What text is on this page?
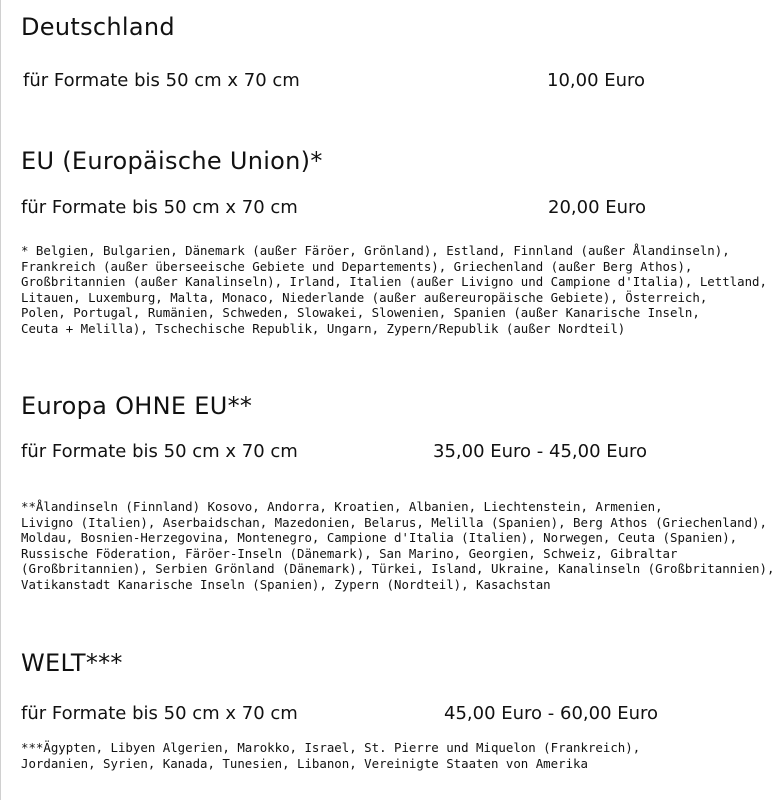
Deutschland
für Formate bis 50 cm x 70 cm	10,00 Euro
EU (Europäische Union)*
für Formate bis 50 cm x 70 cm	20,00 Euro
* Belgien, Bulgarien, Dänemark (außer Färöer, Grönland), Estland, Finnland (außer Ålandinseln),
Frankreich (außer überseeische Gebiete und Departements), Griechenland (außer Berg Athos),
Großbritannien (außer Kanalinseln), Irland, Italien (außer Livigno und Campione d'Italia), Lettland,
Litauen, Luxemburg, Malta, Monaco, Niederlande (außer außereuropäische Gebiete), Österreich,
Polen, Portugal, Rumänien, Schweden, Slowakei, Slowenien, Spanien (außer Kanarische Inseln,
Ceuta + Melilla), Tschechische Republik, Ungarn, Zypern/Republik (außer Nordteil)
Europa OHNE EU**
für Formate bis 50 cm x 70 cm	35,00 Euro - 45,00 Euro
**Ålandinseln (Finnland) Kosovo, Andorra, Kroatien, Albanien, Liechtenstein, Armenien,
Livigno (Italien), Aserbaidschan, Mazedonien, Belarus, Melilla (Spanien), Berg Athos (Griechenland),
Moldau, Bosnien-Herzegovina, Montenegro, Campione d'Italia (Italien), Norwegen, Ceuta (Spanien),
Russische Föderation, Färöer-Inseln (Dänemark), San Marino, Georgien, Schweiz, Gibraltar
(Großbritannien), Serbien Grönland (Dänemark), Türkei, Island, Ukraine, Kanalinseln (Großbritannien),
Vatikanstadt Kanarische Inseln (Spanien), Zypern (Nordteil), Kasachstan
WELT***
für Formate bis 50 cm x 70 cm	45,00 Euro - 60,00 Euro
***Ägypten, Libyen Algerien, Marokko, Israel, St. Pierre und Miquelon (Frankreich),
Jordanien, Syrien, Kanada, Tunesien, Libanon, Vereinigte Staaten von Amerika
